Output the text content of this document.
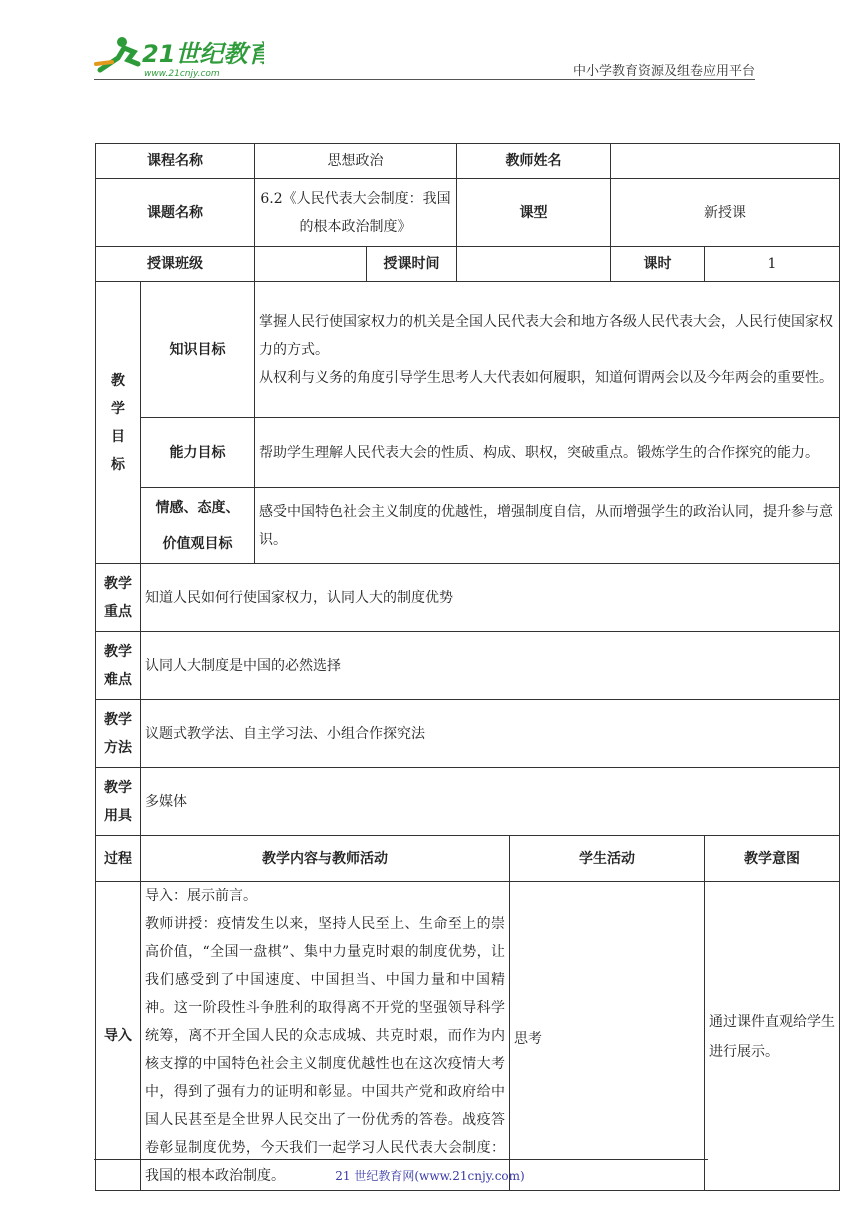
21世纪教育
www.21cnjy.com	中小学教育资源及组卷应用平台
课程名称		思想政治		教师姓名			
课题名称		6.2《人民代表大会制度：我国的根本政治制度》		课型		新授课	
授课班级			授课时间			课时	1
教学目标	知识目标	掌握人民行使国家权力的机关是全国人民代表大会和地方各级人民代表大会，人民行使国家权力的方式。
从权利与义务的角度引导学生思考人大代表如何履职，知道何谓两会以及今年两会的重要性。					

	能力目标	帮助学生理解人民代表大会的性质、构成、职权，突破重点。锻炼学生的合作探究的能力。					

	情感、态度、
价值观目标	感受中国特色社会主义制度的优越性，增强制度自信，从而增强学生的政治认同，提升参与意识。					

教学
重点	知道人民如何行使国家权力，认同人大的制度优势						

教学
难点	认同人大制度是中国的必然选择						

教学
方法	议题式教学法、自主学习法、小组合作探究法						

教学
用具	多媒体						
过程	教学内容与教师活动				学生活动		教学意图
导入	导入：展示前言。
教师讲授：疫情发生以来，坚持人民至上、生命至上的崇高价值，“全国一盘棋”、集中力量克时艰的制度优势，让我们感受到了中国速度、中国担当、中国力量和中国精神。这一阶段性斗争胜利的取得离不开党的坚强领导科学统筹，离不开全国人民的众志成城、共克时艰，而作为内核支撑的中国特色社会主义制度优越性也在这次疫情大考中，得到了强有力的证明和彰显。中国共产党和政府给中国人民甚至是全世界人民交出了一份优秀的答卷。战疫答卷彰显制度优势，今天我们一起学习人民代表大会制度：我国的根本政治制度。				思考		通过课件直观给学生进行展示。
21 世纪教育网(www.21cnjy.com)
